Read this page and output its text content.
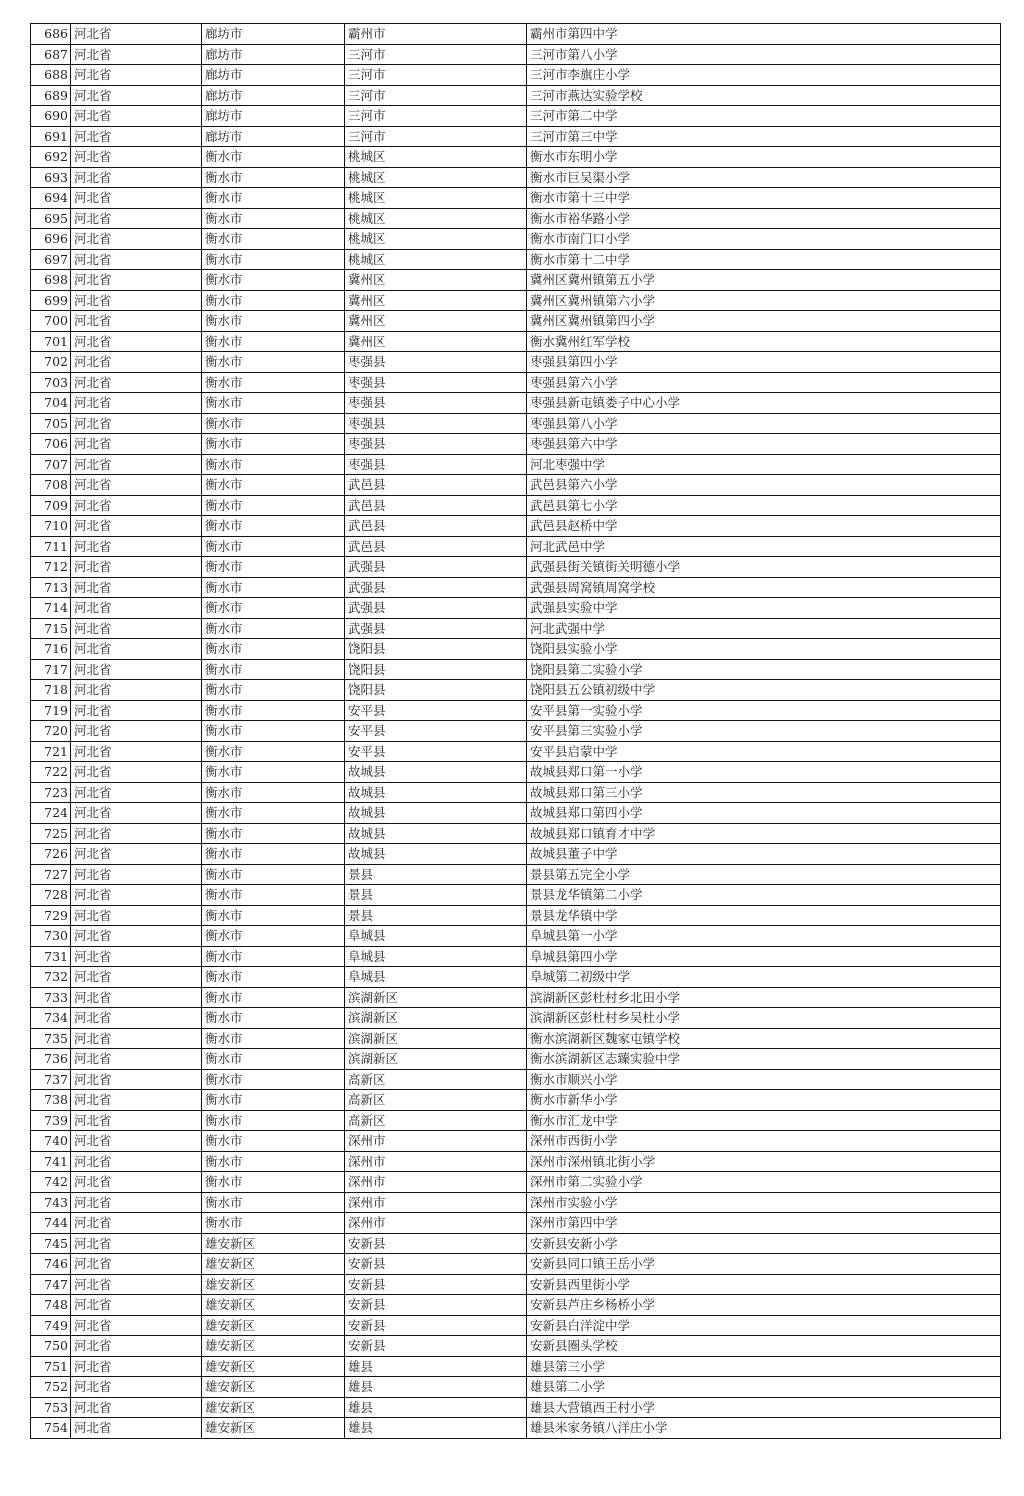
686	河北省	廊坊市	霸州市	霸州市第四中学
687	河北省	廊坊市	三河市	三河市第八小学
688	河北省	廊坊市	三河市	三河市李旗庄小学
689	河北省	廊坊市	三河市	三河市燕达实验学校
690	河北省	廊坊市	三河市	三河市第二中学
691	河北省	廊坊市	三河市	三河市第三中学
692	河北省	衡水市	桃城区	衡水市东明小学
693	河北省	衡水市	桃城区	衡水市巨吴渠小学
694	河北省	衡水市	桃城区	衡水市第十三中学
695	河北省	衡水市	桃城区	衡水市裕华路小学
696	河北省	衡水市	桃城区	衡水市南门口小学
697	河北省	衡水市	桃城区	衡水市第十二中学
698	河北省	衡水市	冀州区	冀州区冀州镇第五小学
699	河北省	衡水市	冀州区	冀州区冀州镇第六小学
700	河北省	衡水市	冀州区	冀州区冀州镇第四小学
701	河北省	衡水市	冀州区	衡水冀州红军学校
702	河北省	衡水市	枣强县	枣强县第四小学
703	河北省	衡水市	枣强县	枣强县第六小学
704	河北省	衡水市	枣强县	枣强县新屯镇娄子中心小学
705	河北省	衡水市	枣强县	枣强县第八小学
706	河北省	衡水市	枣强县	枣强县第六中学
707	河北省	衡水市	枣强县	河北枣强中学
708	河北省	衡水市	武邑县	武邑县第六小学
709	河北省	衡水市	武邑县	武邑县第七小学
710	河北省	衡水市	武邑县	武邑县赵桥中学
711	河北省	衡水市	武邑县	河北武邑中学
712	河北省	衡水市	武强县	武强县街关镇街关明德小学
713	河北省	衡水市	武强县	武强县周窝镇周窝学校
714	河北省	衡水市	武强县	武强县实验中学
715	河北省	衡水市	武强县	河北武强中学
716	河北省	衡水市	饶阳县	饶阳县实验小学
717	河北省	衡水市	饶阳县	饶阳县第二实验小学
718	河北省	衡水市	饶阳县	饶阳县五公镇初级中学
719	河北省	衡水市	安平县	安平县第一实验小学
720	河北省	衡水市	安平县	安平县第三实验小学
721	河北省	衡水市	安平县	安平县启蒙中学
722	河北省	衡水市	故城县	故城县郑口第一小学
723	河北省	衡水市	故城县	故城县郑口第三小学
724	河北省	衡水市	故城县	故城县郑口第四小学
725	河北省	衡水市	故城县	故城县郑口镇育才中学
726	河北省	衡水市	故城县	故城县董子中学
727	河北省	衡水市	景县	景县第五完全小学
728	河北省	衡水市	景县	景县龙华镇第二小学
729	河北省	衡水市	景县	景县龙华镇中学
730	河北省	衡水市	阜城县	阜城县第一小学
731	河北省	衡水市	阜城县	阜城县第四小学
732	河北省	衡水市	阜城县	阜城第二初级中学
733	河北省	衡水市	滨湖新区	滨湖新区彭杜村乡北田小学
734	河北省	衡水市	滨湖新区	滨湖新区彭杜村乡吴杜小学
735	河北省	衡水市	滨湖新区	衡水滨湖新区魏家屯镇学校
736	河北省	衡水市	滨湖新区	衡水滨湖新区志臻实验中学
737	河北省	衡水市	高新区	衡水市顺兴小学
738	河北省	衡水市	高新区	衡水市新华小学
739	河北省	衡水市	高新区	衡水市汇龙中学
740	河北省	衡水市	深州市	深州市西街小学
741	河北省	衡水市	深州市	深州市深州镇北街小学
742	河北省	衡水市	深州市	深州市第二实验小学
743	河北省	衡水市	深州市	深州市实验小学
744	河北省	衡水市	深州市	深州市第四中学
745	河北省	雄安新区	安新县	安新县安新小学
746	河北省	雄安新区	安新县	安新县同口镇王岳小学
747	河北省	雄安新区	安新县	安新县西里街小学
748	河北省	雄安新区	安新县	安新县芦庄乡杨桥小学
749	河北省	雄安新区	安新县	安新县白洋淀中学
750	河北省	雄安新区	安新县	安新县圈头学校
751	河北省	雄安新区	雄县	雄县第三小学
752	河北省	雄安新区	雄县	雄县第二小学
753	河北省	雄安新区	雄县	雄县大营镇西王村小学
754	河北省	雄安新区	雄县	雄县米家务镇八洋庄小学
